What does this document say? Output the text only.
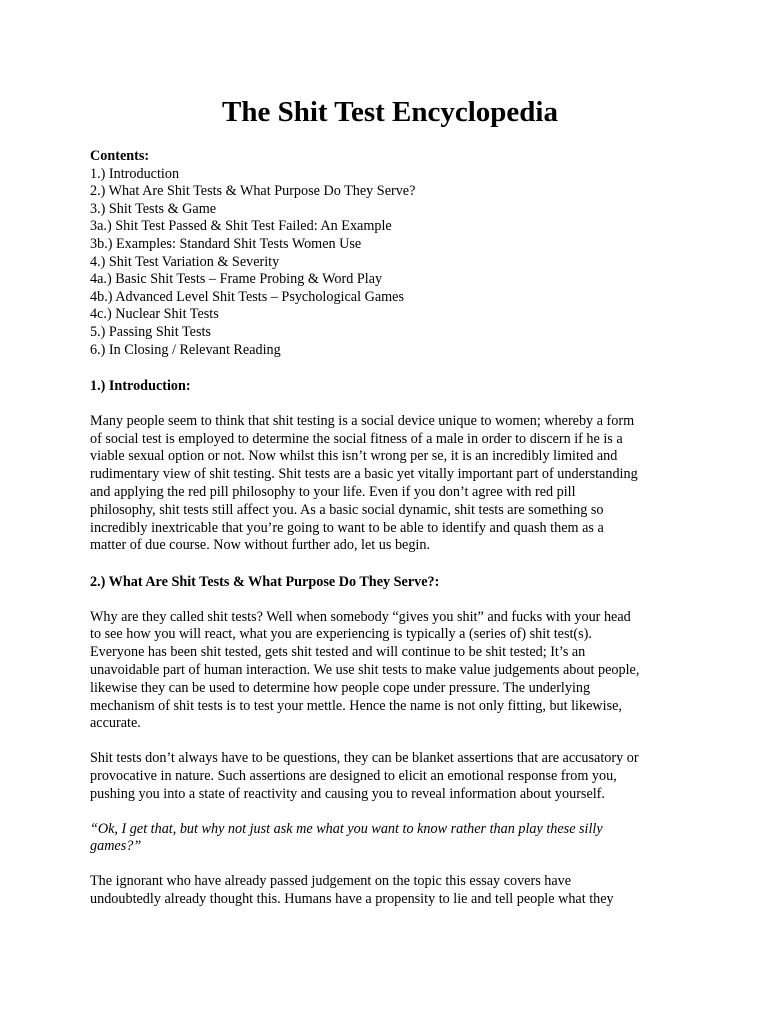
The Shit Test Encyclopedia
Contents:
1.) Introduction
2.) What Are Shit Tests & What Purpose Do They Serve?
3.) Shit Tests & Game
3a.) Shit Test Passed & Shit Test Failed: An Example
3b.) Examples: Standard Shit Tests Women Use
4.) Shit Test Variation & Severity
4a.) Basic Shit Tests – Frame Probing & Word Play
4b.) Advanced Level Shit Tests – Psychological Games
4c.) Nuclear Shit Tests
5.) Passing Shit Tests
6.) In Closing / Relevant Reading
1.) Introduction:
Many people seem to think that shit testing is a social device unique to women; whereby a form
of social test is employed to determine the social fitness of a male in order to discern if he is a
viable sexual option or not. Now whilst this isn’t wrong per se, it is an incredibly limited and
rudimentary view of shit testing. Shit tests are a basic yet vitally important part of understanding
and applying the red pill philosophy to your life. Even if you don’t agree with red pill
philosophy, shit tests still affect you. As a basic social dynamic, shit tests are something so
incredibly inextricable that you’re going to want to be able to identify and quash them as a
matter of due course. Now without further ado, let us begin.
2.) What Are Shit Tests & What Purpose Do They Serve?:
Why are they called shit tests? Well when somebody “gives you shit” and fucks with your head
to see how you will react, what you are experiencing is typically a (series of) shit test(s).
Everyone has been shit tested, gets shit tested and will continue to be shit tested; It’s an
unavoidable part of human interaction. We use shit tests to make value judgements about people,
likewise they can be used to determine how people cope under pressure. The underlying
mechanism of shit tests is to test your mettle. Hence the name is not only fitting, but likewise,
accurate.
Shit tests don’t always have to be questions, they can be blanket assertions that are accusatory or
provocative in nature. Such assertions are designed to elicit an emotional response from you,
pushing you into a state of reactivity and causing you to reveal information about yourself.
“Ok, I get that, but why not just ask me what you want to know rather than play these silly
games?”
The ignorant who have already passed judgement on the topic this essay covers have
undoubtedly already thought this. Humans have a propensity to lie and tell people what they
